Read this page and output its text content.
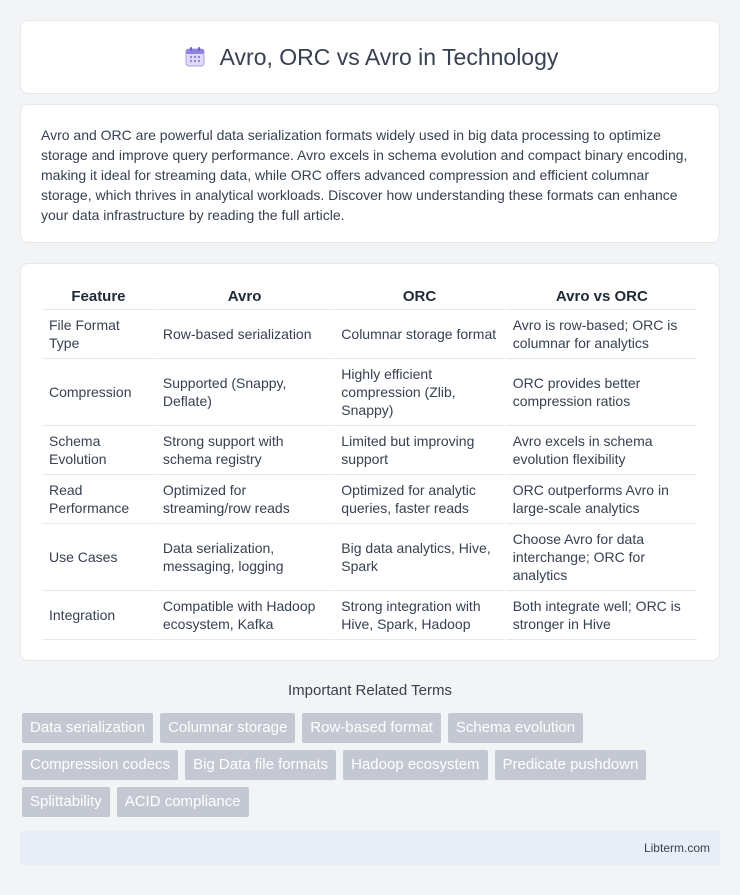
Avro, ORC vs Avro in Technology

Avro and ORC are powerful data serialization formats widely used in big data processing to optimize storage and improve query performance. Avro excels in schema evolution and compact binary encoding, making it ideal for streaming data, while ORC offers advanced compression and efficient columnar storage, which thrives in analytical workloads. Discover how understanding these formats can enhance your data infrastructure by reading the full article.

Feature	Avro	ORC	Avro vs ORC
File Format Type	Row-based serialization	Columnar storage format	Avro is row-based; ORC is columnar for analytics
Compression	Supported (Snappy, Deflate)	Highly efficient compression (Zlib, Snappy)	ORC provides better compression ratios
Schema Evolution	Strong support with schema registry	Limited but improving support	Avro excels in schema evolution flexibility
Read Performance	Optimized for streaming/row reads	Optimized for analytic queries, faster reads	ORC outperforms Avro in large-scale analytics
Use Cases	Data serialization, messaging, logging	Big data analytics, Hive, Spark	Choose Avro for data interchange; ORC for analytics
Integration	Compatible with Hadoop ecosystem, Kafka	Strong integration with Hive, Spark, Hadoop	Both integrate well; ORC is stronger in Hive
Important Related Terms
Data serialization	Columnar storage	Row-based format	Schema evolution
Compression codecs	Big Data file formats	Hadoop ecosystem	Predicate pushdown
Splittability	ACID compliance
Libterm.com
